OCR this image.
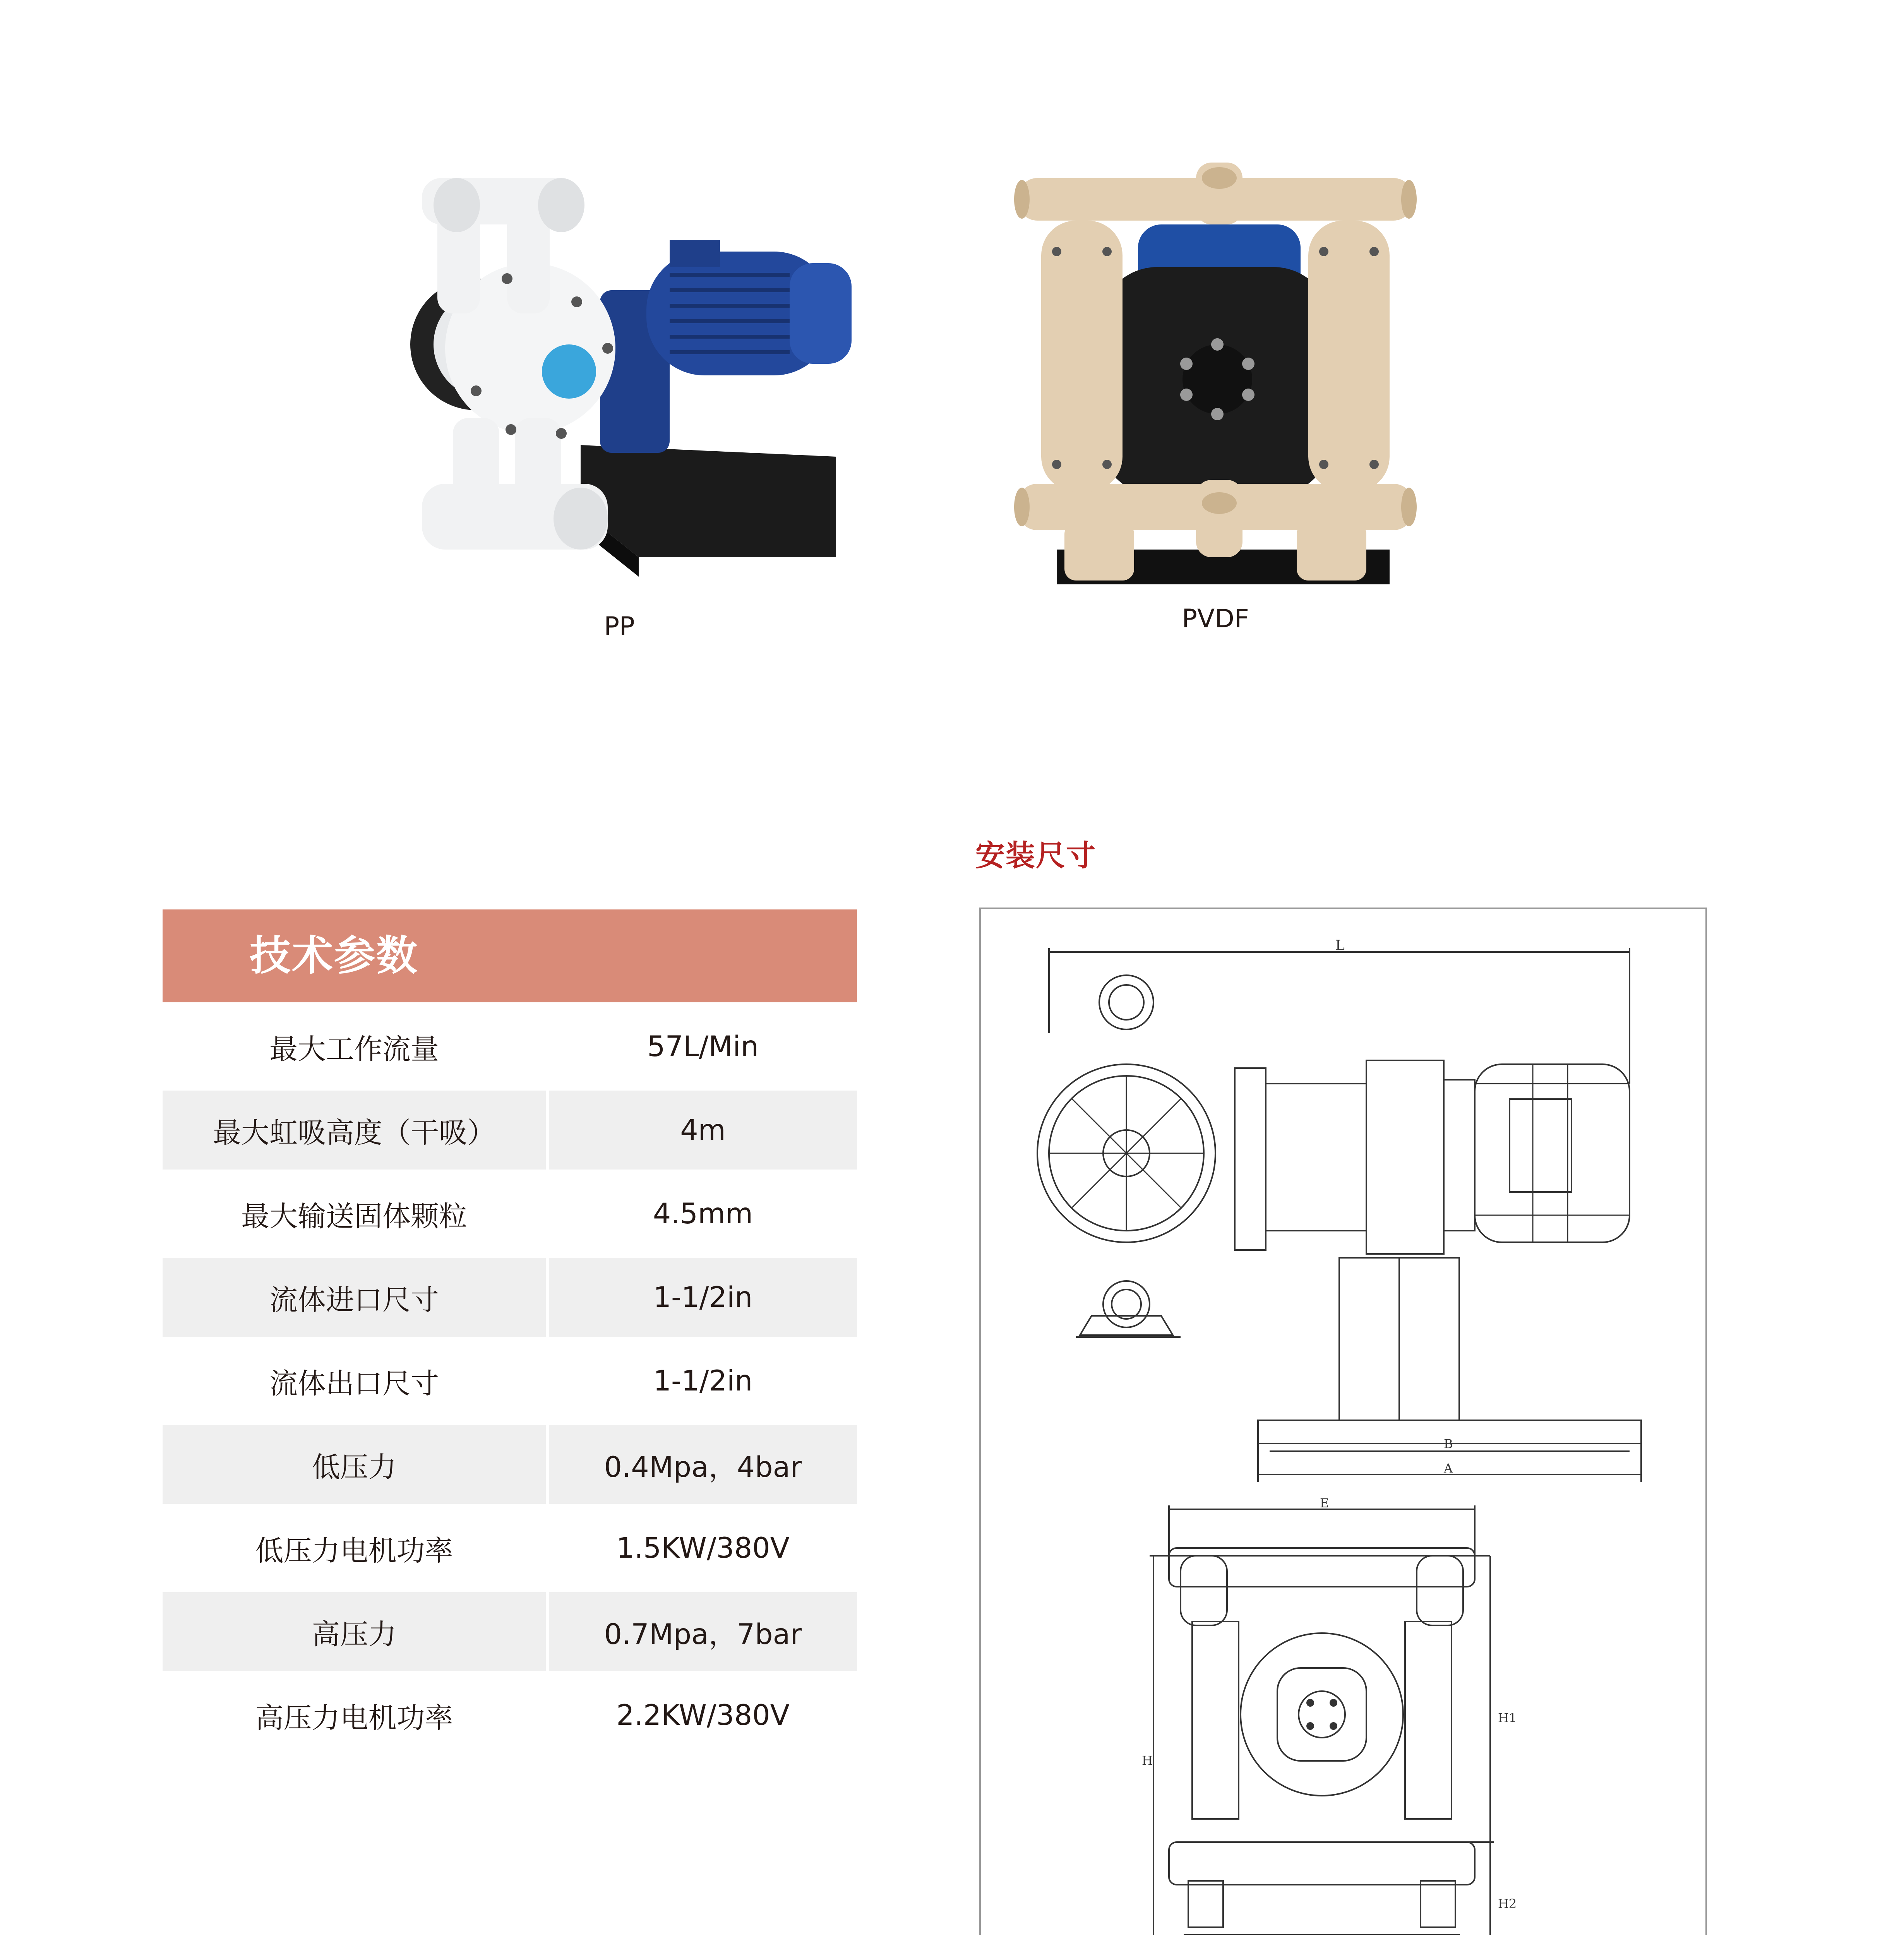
PP	PVDF
安装尺寸
技术参数
最大工作流量	57L/Min
最大虹吸高度（干吸）	4m
最大输送固体颗粒	4.5mm
流体进口尺寸	1-1/2in
流体出口尺寸	1-1/2in
低压力	0.4Mpa，4bar
低压力电机功率	1.5KW/380V
高压力	0.7Mpa，7bar
高压力电机功率	2.2KW/380V
L
B
A
E
H
H1
H2
